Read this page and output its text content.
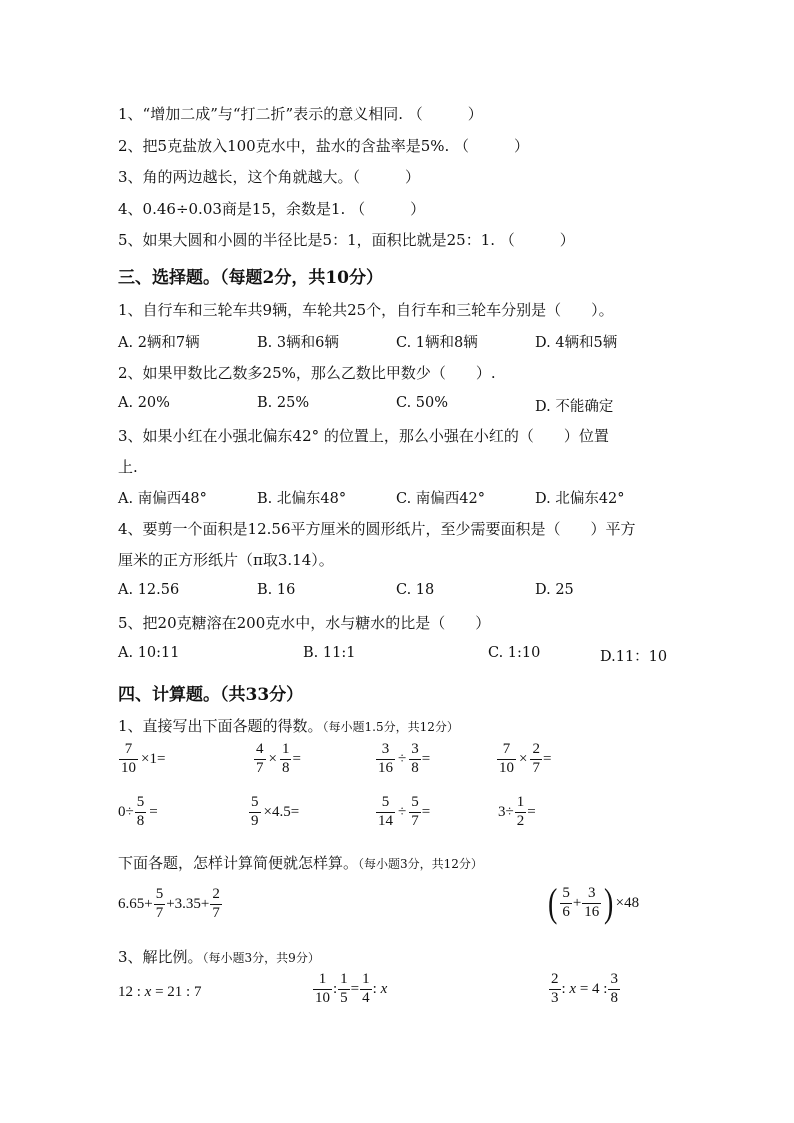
1、“增加二成”与“打二折”表示的意义相同. （　　　）
2、把5克盐放入100克水中，盐水的含盐率是5%. （　　　）
3、角的两边越长，这个角就越大。（　　　）
4、0.46÷0.03商是15，余数是1. （　　　）
5、如果大圆和小圆的半径比是5：1，面积比就是25：1. （　　　）
三、选择题。（每题2分，共10分）
1、自行车和三轮车共9辆，车轮共25个，自行车和三轮车分别是（　　）。
A. 2辆和7辆	B. 3辆和6辆	C. 1辆和8辆	D. 4辆和5辆
2、如果甲数比乙数多25%，那么乙数比甲数少（　　）.
A. 20%	B. 25%	C. 50%	D. 不能确定
3、如果小红在小强北偏东42° 的位置上，那么小强在小红的（　　）位置
上.
A. 南偏西48°	B. 北偏东48°	C. 南偏西42°	D. 北偏东42°
4、要剪一个面积是12.56平方厘米的圆形纸片，至少需要面积是（　　）平方
厘米的正方形纸片（π取3.14）。
A. 12.56	B. 16	C. 18	D. 25
5、把20克糖溶在200克水中，水与糖水的比是（　　）
A. 10:11	B. 11:1	C. 1:10	D.11：10
四、计算题。（共33分）
1、直接写出下面各题的得数。（每小题1.5分，共12分）
$\frac{7}{10} \times 1=$	$\frac{4}{7} \times \frac{1}{8}$ =	$\frac{3}{16} \div \frac{3}{8}$ =	$\frac{7}{10} \times \frac{2}{7}$ =
$0\div \frac{5}{8}$ =	$\frac{5}{9} \times 4.5=$	$\frac{5}{14} \div \frac{5}{7}$ =	$3\div \frac{1}{2}$ =
下面各题，怎样计算简便就怎样算。（每小题3分，共12分）
$6.65+ \frac{5}{7} +3.35+ \frac{2}{7}$	( $\frac{5}{6} + \frac{3}{16}$ ) ×48
3、解比例。（每小题3分，共9分）
12 : x = 21 : 7	$\frac{1}{10}$ : $\frac{1}{5} = \frac{1}{4}$ : x	$\frac{2}{3}$ : x = 4 : $\frac{3}{8}$
